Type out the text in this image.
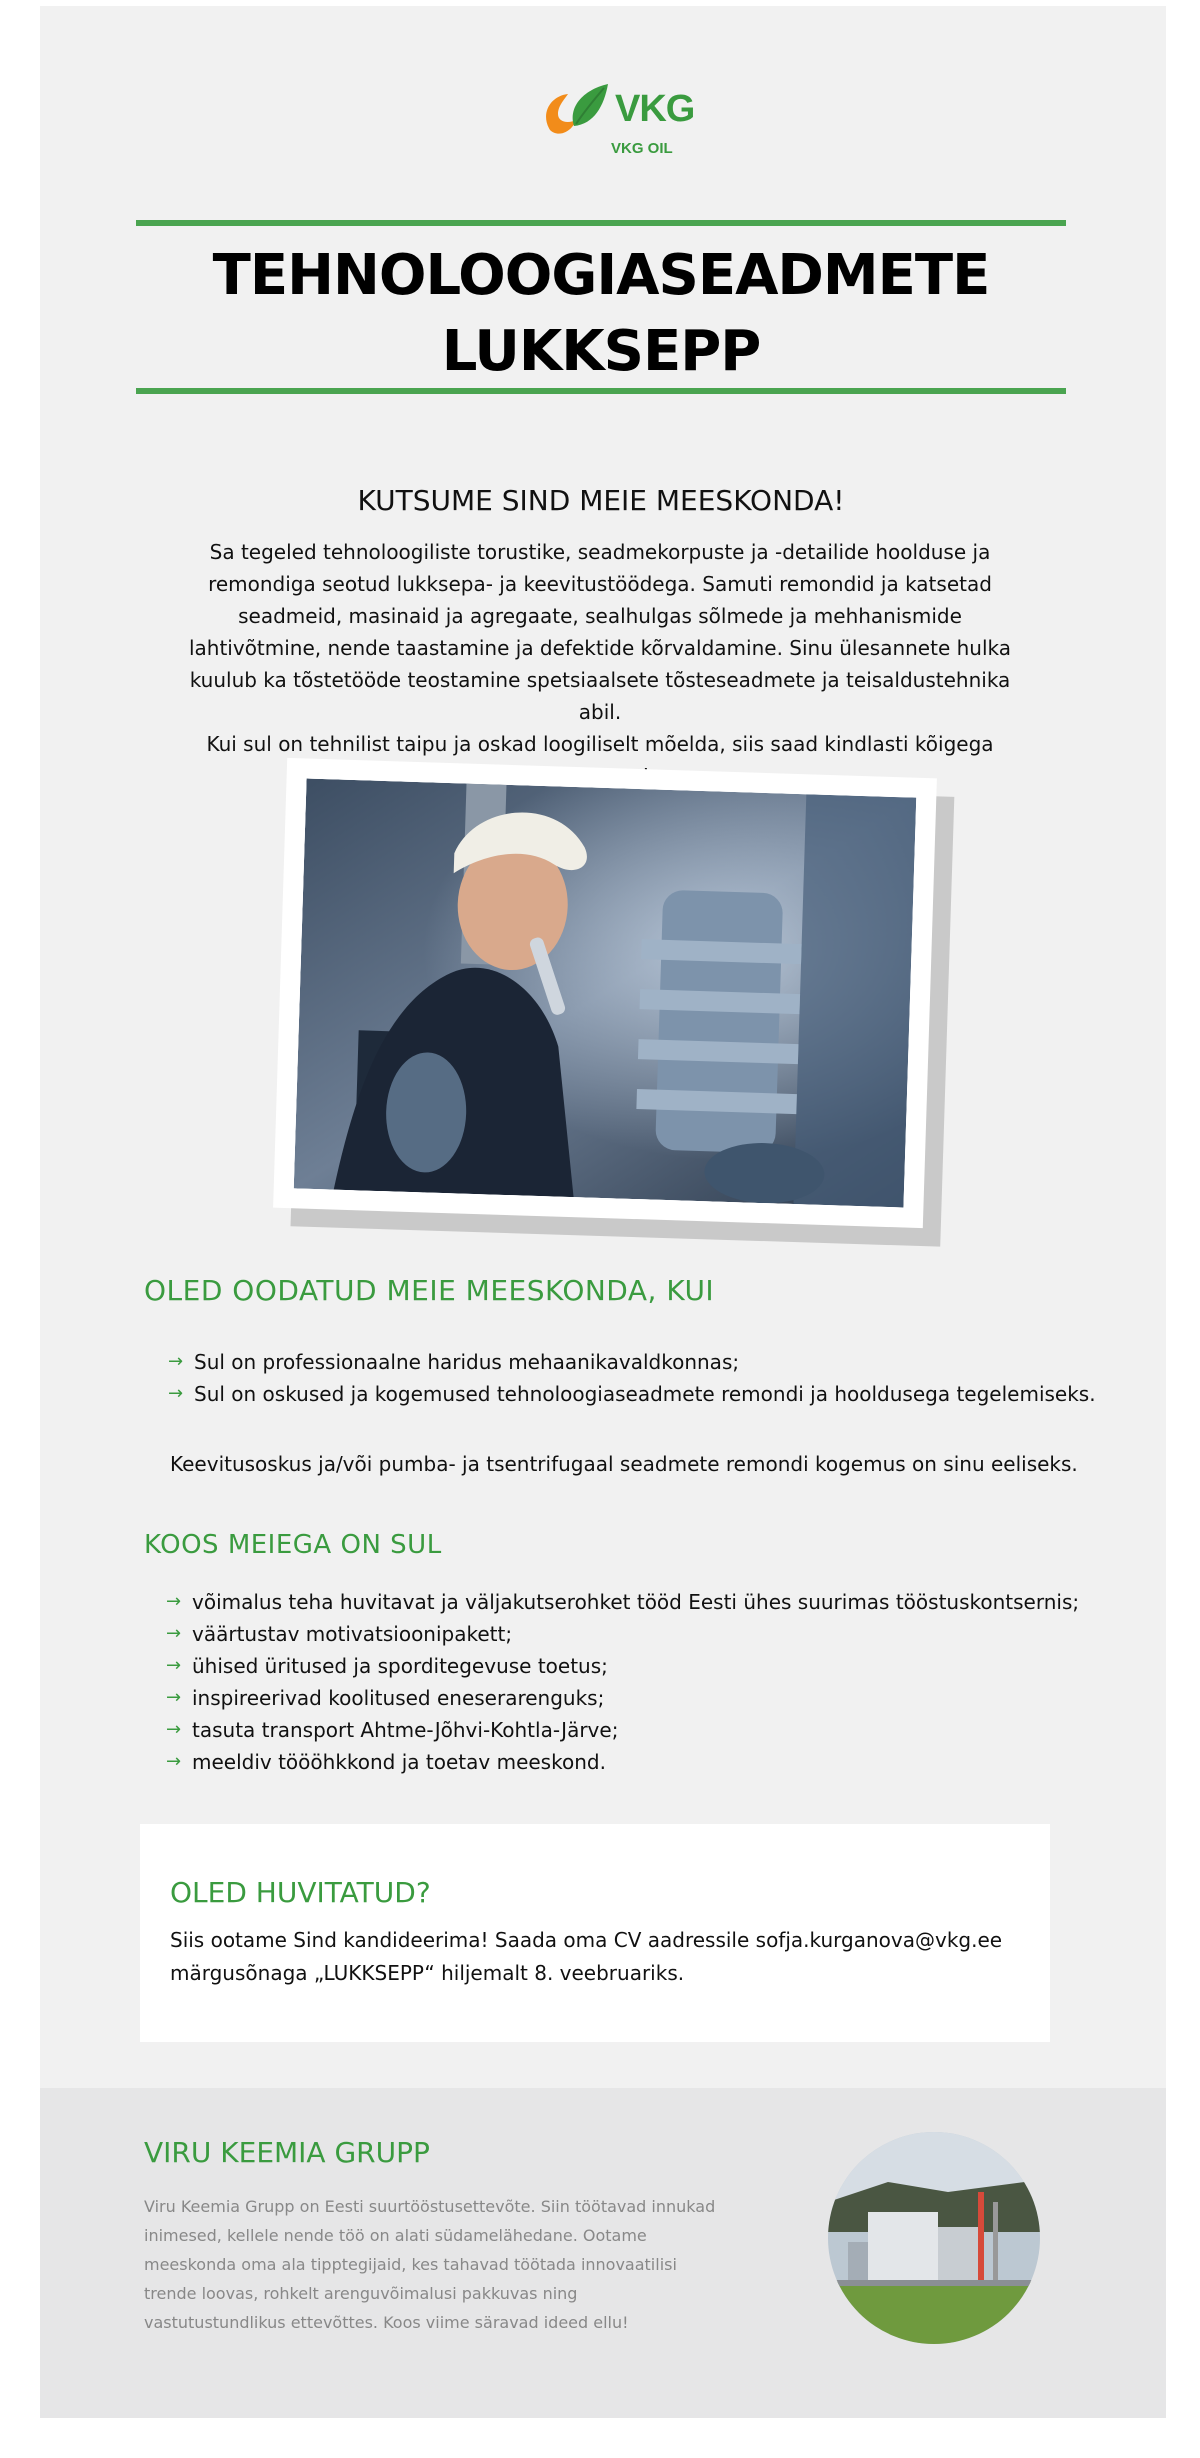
VKG
VKG OIL
TEHNOLOOGIASEADMETE
LUKKSEPP
KUTSUME SIND MEIE MEESKONDA!
Sa tegeled tehnoloogiliste torustike, seadmekorpuste ja -detailide hoolduse ja remondiga seotud lukksepa- ja keevitustöödega. Samuti remondid ja katsetad seadmeid, masinaid ja agregaate, sealhulgas sõlmede ja mehhanismide lahtivõtmine, nende taastamine ja defektide kõrvaldamine. Sinu ülesannete hulka kuulub ka tõstetööde teostamine spetsiaalsete tõsteseadmete ja teisaldustehnika abil.
Kui sul on tehnilist taipu ja oskad loogiliselt mõelda, siis saad kindlasti kõigega
OLED OODATUD MEIE MEESKONDA, KUI
→ Sul on professionaalne haridus mehaanikavaldkonnas;
→ Sul on oskused ja kogemused tehnoloogiaseadmete remondi ja hooldusega tegelemiseks.
Keevitusoskus ja/või pumba- ja tsentrifugaal seadmete remondi kogemus on sinu eeliseks.
KOOS MEIEGA ON SUL
→ võimalus teha huvitavat ja väljakutserohket tööd Eesti ühes suurimas tööstuskontsernis;
→ väärtustav motivatsioonipakett;
→ ühised üritused ja sporditegevuse toetus;
→ inspireerivad koolitused eneserarenguks;
→ tasuta transport Ahtme-Jõhvi-Kohtla-Järve;
→ meeldiv töööhkkond ja toetav meeskond.
OLED HUVITATUD?
Siis ootame Sind kandideerima! Saada oma CV aadressile sofja.kurganova@vkg.ee märgusõnaga „LUKKSEPP“ hiljemalt 8. veebruariks.
VIRU KEEMIA GRUPP
Viru Keemia Grupp on Eesti suurtööstusettevõte. Siin töötavad innukad inimesed, kellele nende töö on alati südamelähedane. Ootame meeskonda oma ala tipptegijaid, kes tahavad töötada innovaatilisi trende loovas, rohkelt arenguvõimalusi pakkuvas ning vastutustundlikus ettevõttes. Koos viime säravad ideed ellu!
